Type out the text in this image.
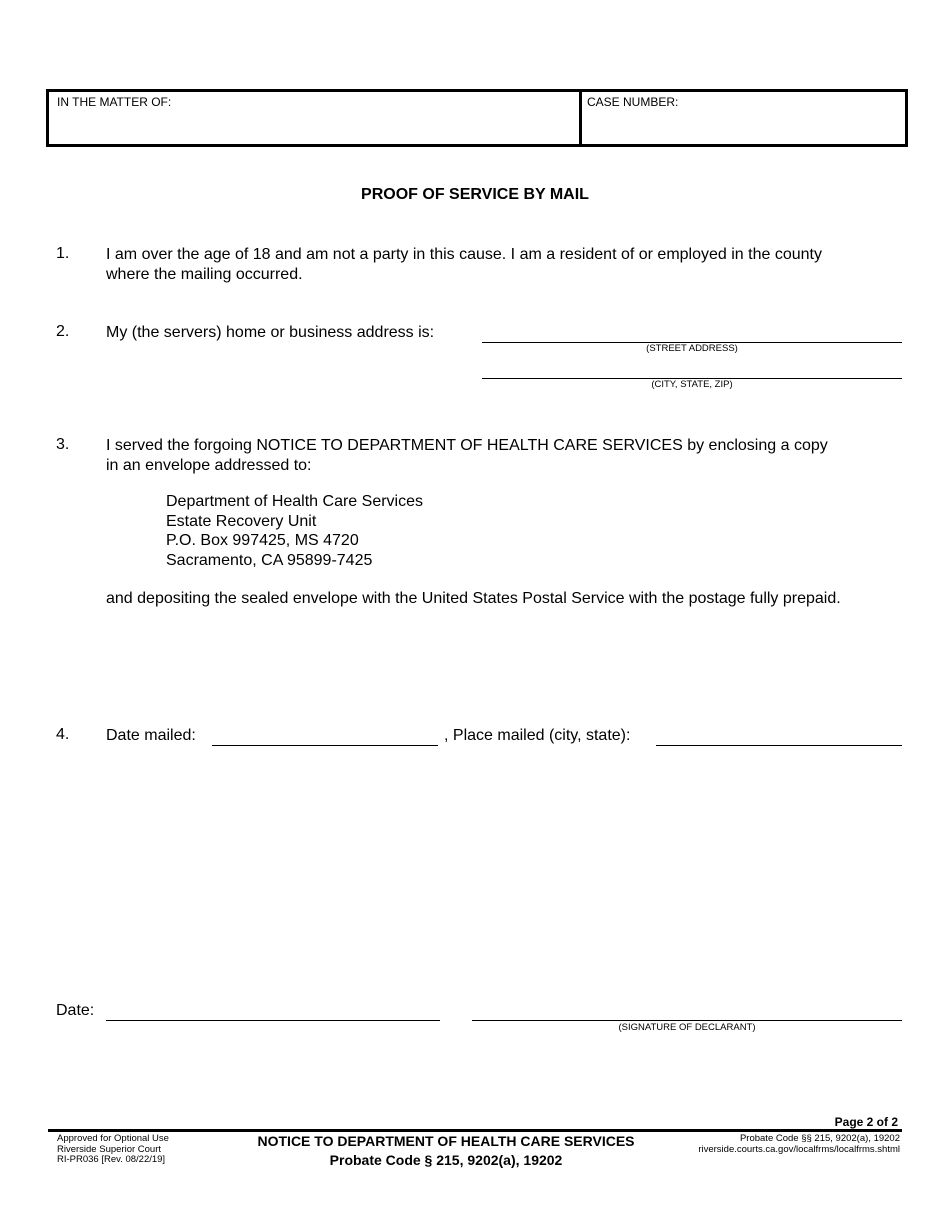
IN THE MATTER OF:	CASE NUMBER:
PROOF OF SERVICE BY MAIL
1. I am over the age of 18 and am not a party in this cause. I am a resident of or employed in the county
where the mailing occurred.
2. My (the servers) home or business address is:
(STREET ADDRESS)
(CITY, STATE, ZIP)
3. I served the forgoing NOTICE TO DEPARTMENT OF HEALTH CARE SERVICES by enclosing a copy
in an envelope addressed to:
Department of Health Care Services
Estate Recovery Unit
P.O. Box 997425, MS 4720
Sacramento, CA 95899-7425
and depositing the sealed envelope with the United States Postal Service with the postage fully prepaid.
4. Date mailed:	, Place mailed (city, state):
Date:
(SIGNATURE OF DECLARANT)
Page 2 of 2
Approved for Optional Use
Riverside Superior Court
RI-PR036 [Rev. 08/22/19]
NOTICE TO DEPARTMENT OF HEALTH CARE SERVICES
Probate Code § 215, 9202(a), 19202
Probate Code §§ 215, 9202(a), 19202
riverside.courts.ca.gov/localfrms/localfrms.shtml
